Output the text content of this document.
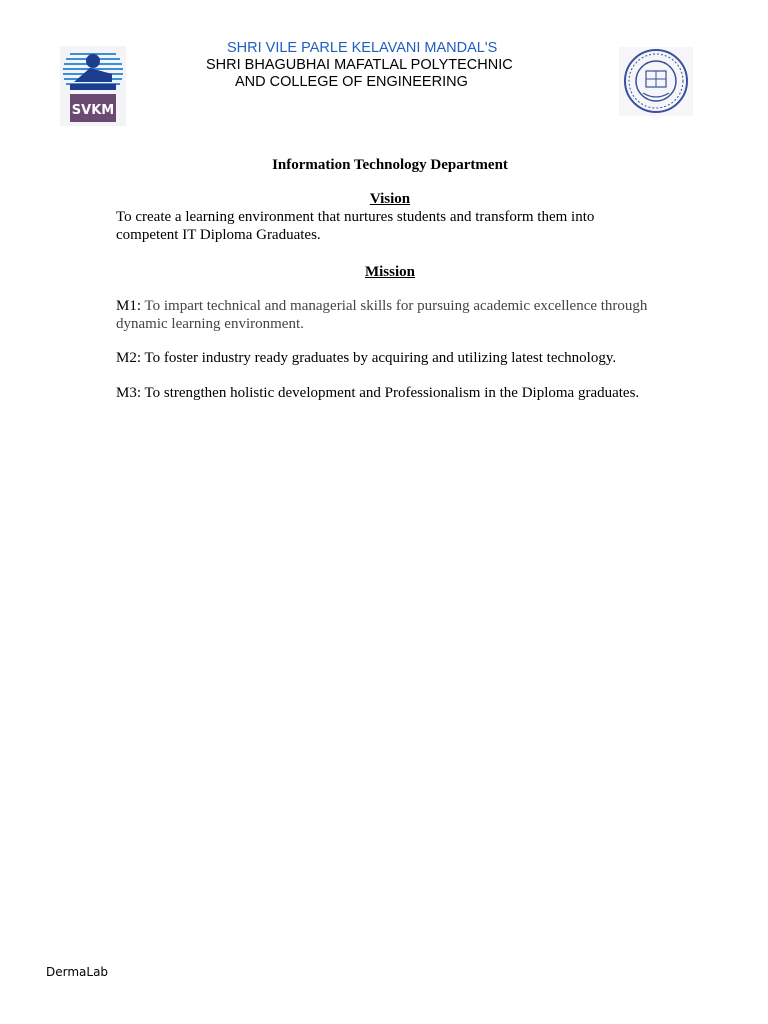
SVKM
SHRI VILE PARLE KELAVANI MANDAL'S
SHRI BHAGUBHAI MAFATLAL POLYTECHNIC
AND COLLEGE OF ENGINEERING
Information Technology Department
Vision
To create a learning environment that nurtures students and transform them into competent IT Diploma Graduates.
Mission
M1: To impart technical and managerial skills for pursuing academic excellence through dynamic learning environment.
M2: To foster industry ready graduates by acquiring and utilizing latest technology.
M3: To strengthen holistic development and Professionalism in the Diploma graduates.
DermaLab
